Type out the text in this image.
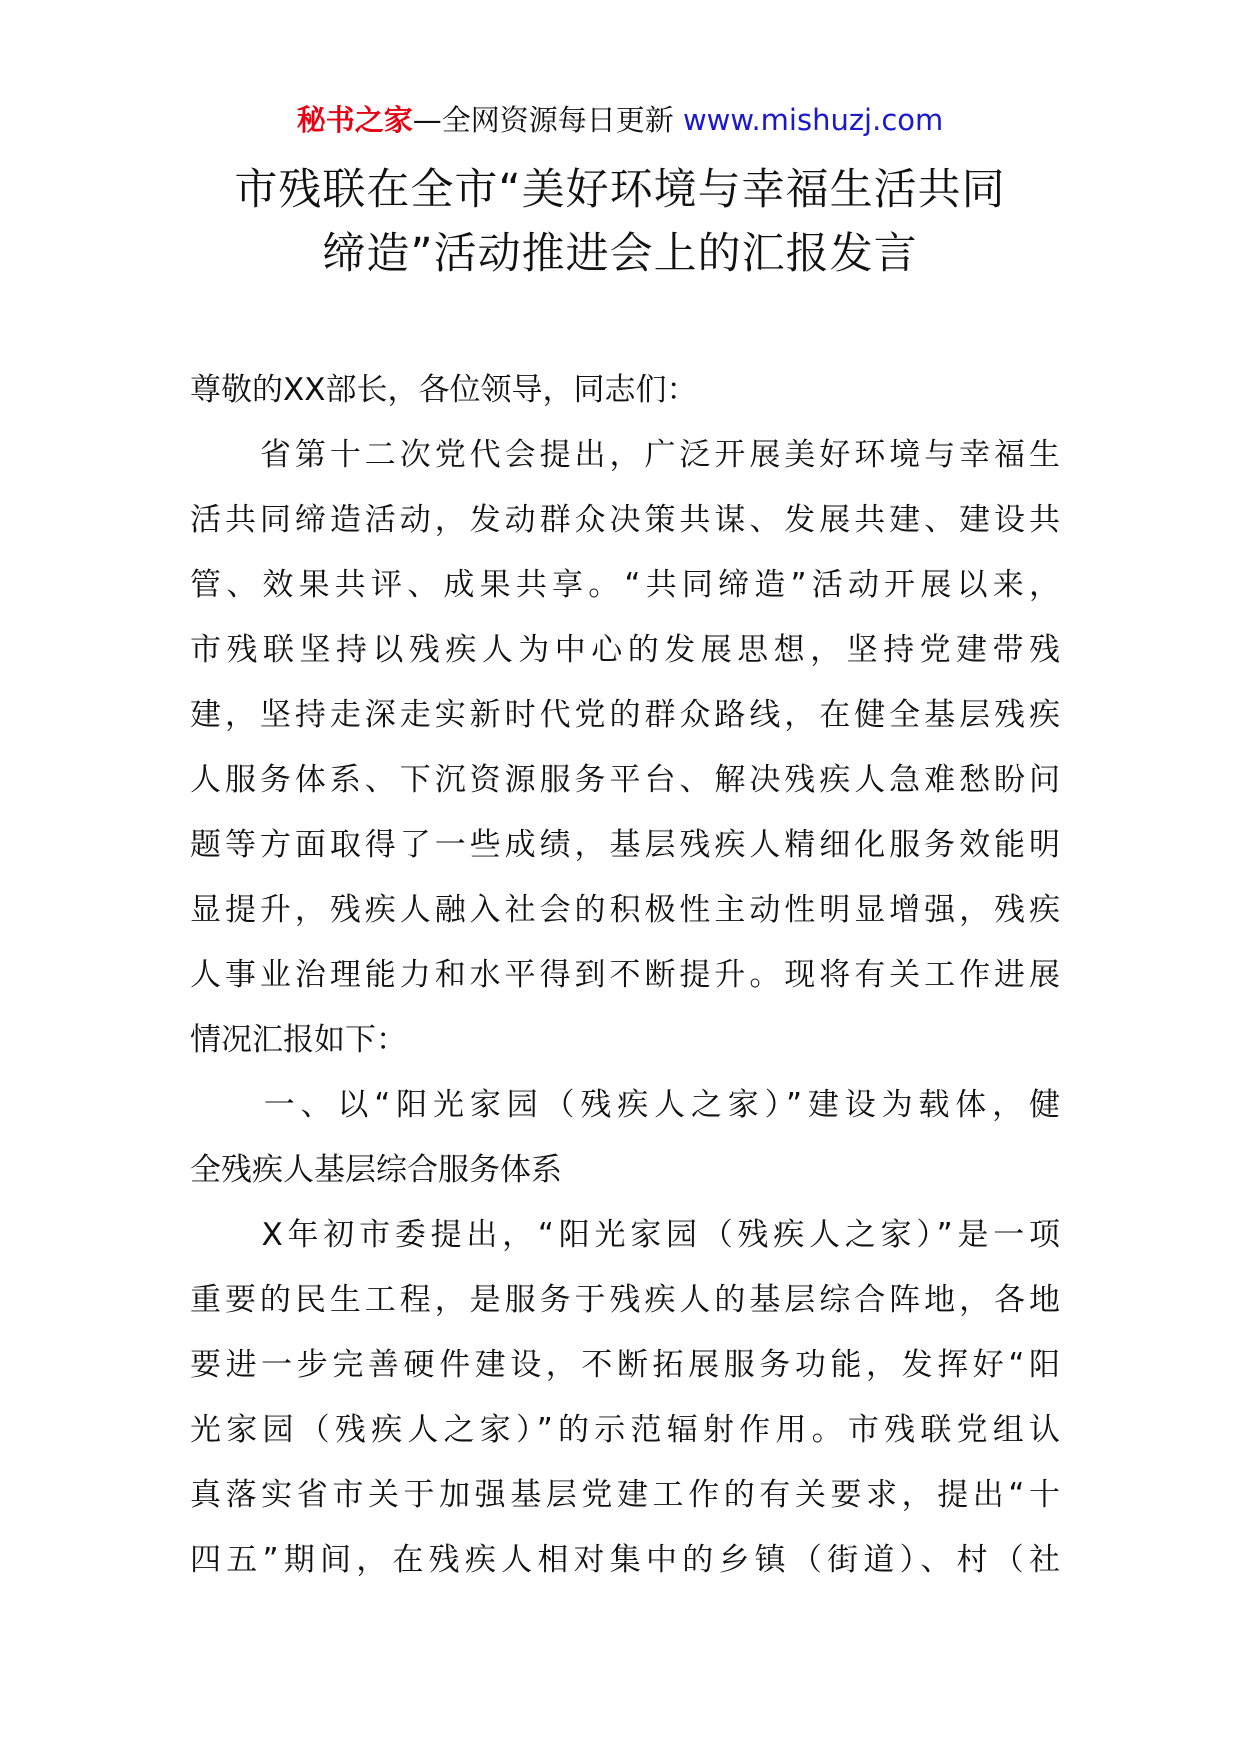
秘书之家—全网资源每日更新 www.mishuzj.com
市残联在全市“美好环境与幸福生活共同
缔造”活动推进会上的汇报发言
尊敬的XX部长，各位领导，同志们：
　　省第十二次党代会提出，广泛开展美好环境与幸福生
活共同缔造活动，发动群众决策共谋、发展共建、建设共
管、效果共评、成果共享。“共同缔造”活动开展以来，
市残联坚持以残疾人为中心的发展思想，坚持党建带残
建，坚持走深走实新时代党的群众路线，在健全基层残疾
人服务体系、下沉资源服务平台、解决残疾人急难愁盼问
题等方面取得了一些成绩，基层残疾人精细化服务效能明
显提升，残疾人融入社会的积极性主动性明显增强，残疾
人事业治理能力和水平得到不断提升。现将有关工作进展
情况汇报如下：
　　一、以“阳光家园（残疾人之家）”建设为载体，健
全残疾人基层综合服务体系
　　X年初市委提出，“阳光家园（残疾人之家）”是一项
重要的民生工程，是服务于残疾人的基层综合阵地，各地
要进一步完善硬件建设，不断拓展服务功能，发挥好“阳
光家园（残疾人之家）”的示范辐射作用。市残联党组认
真落实省市关于加强基层党建工作的有关要求，提出“十
四五”期间，在残疾人相对集中的乡镇（街道）、村（社
